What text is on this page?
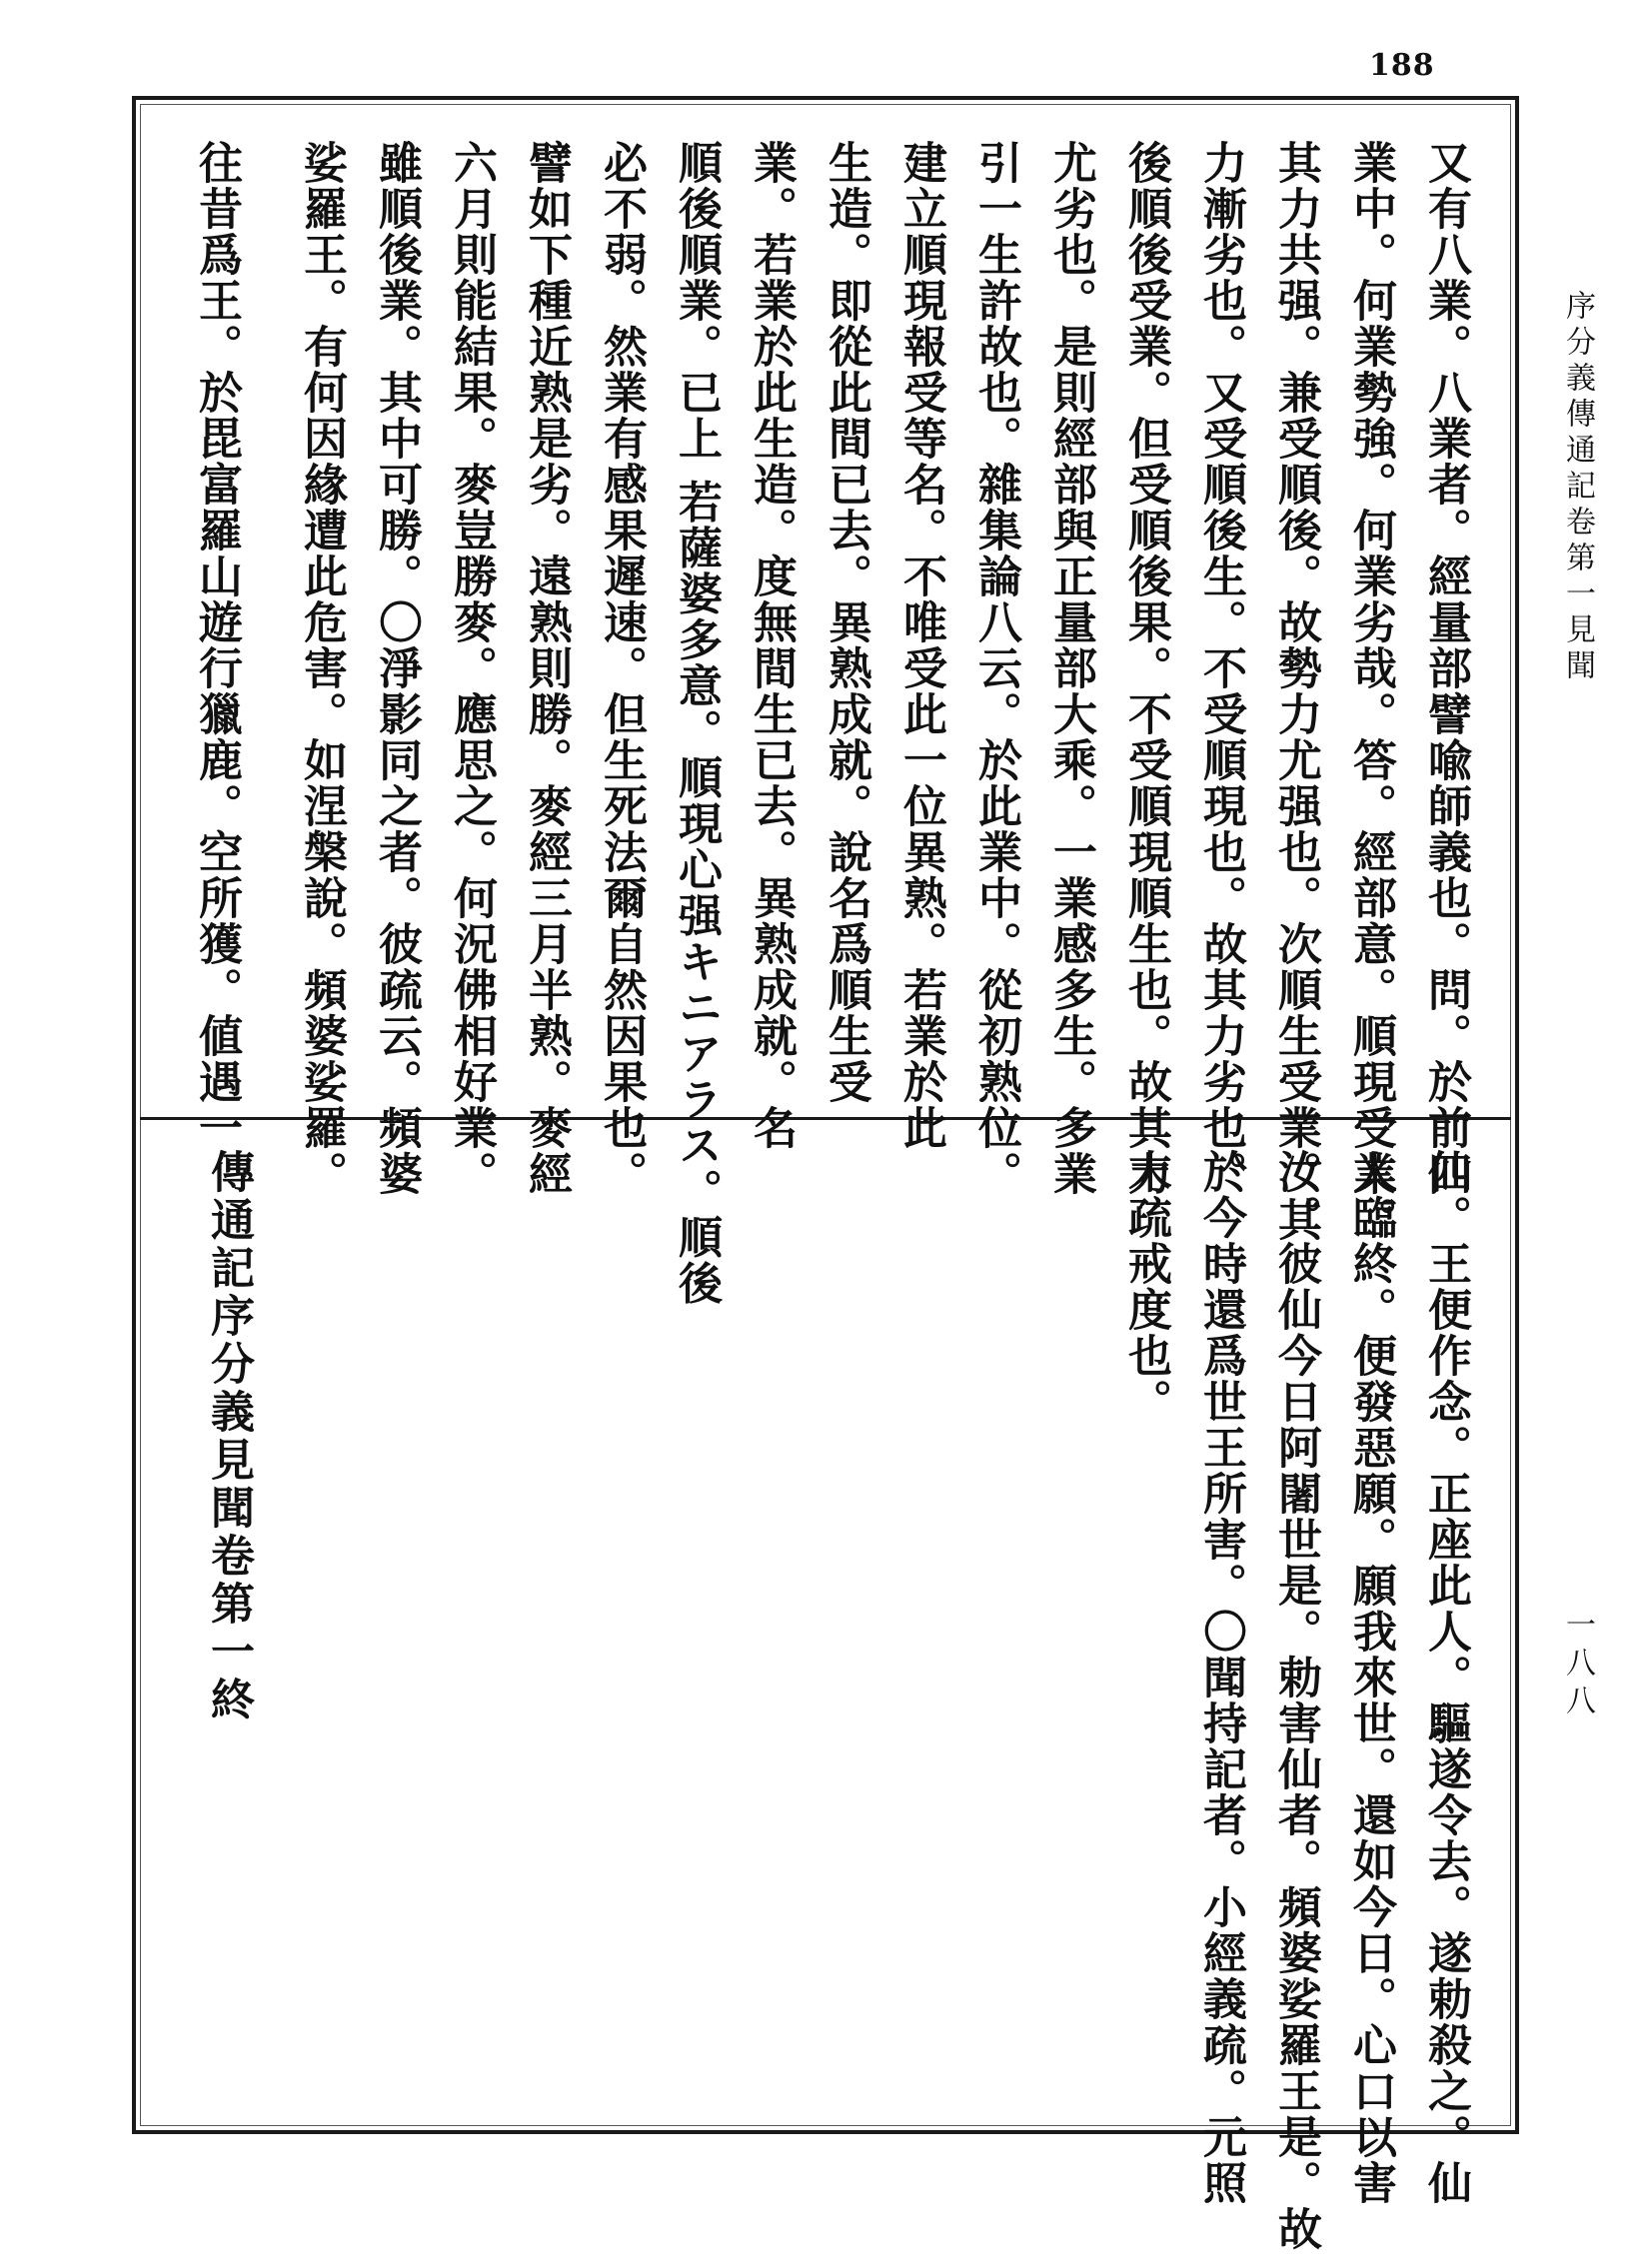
188
又有八業。八業者。經量部譬喩師義也。問。於前四
業中。何業勢強。何業劣哉。答。經部意。順現受業。
其力共强。兼受順後。故勢力尤强也。次順生受業。其
力漸劣也。又受順後生。不受順現也。故其力劣也。
後順後受業。但受順後果。不受順現順生也。故其力
尤劣也。是則經部與正量部大乘。一業感多生。多業
引一生許故也。雜集論八云。於此業中。從初熟位。
建立順現報受等名。不唯受此一位異熟。若業於此
生造。即從此間已去。異熟成就。說名爲順生受
業。若業於此生造。度無間生已去。異熟成就。名
順後順業。已上 若薩婆多意。順現心强キニアラス。順後
必不弱。然業有感果遲速。但生死法爾自然因果也。
譬如下種近熟是劣。遠熟則勝。麥經三月半熟。麥經
六月則能結果。麥豈勝麥。應思之。何況佛相好業。
雖順後業。其中可勝。〇淨影同之者。彼疏云。頻婆
娑羅王。有何因緣遭此危害。如涅槃說。頻婆娑羅。
往昔爲王。於毘富羅山遊行獵鹿。空所獲。値遇一
仙。王便作念。正座此人。驅遂令去。遂勅殺之。仙
人臨終。便發惡願。願我來世。還如今日。心口以害
汝。彼仙今日阿闍世是。勅害仙者。頻婆娑羅王是。故
於今時還爲世王所害。〇聞持記者。小經義疏。元照
末疏戒度也。
傳通記序分義見聞卷第一終
序分義傳通記卷第一見聞
一八八
